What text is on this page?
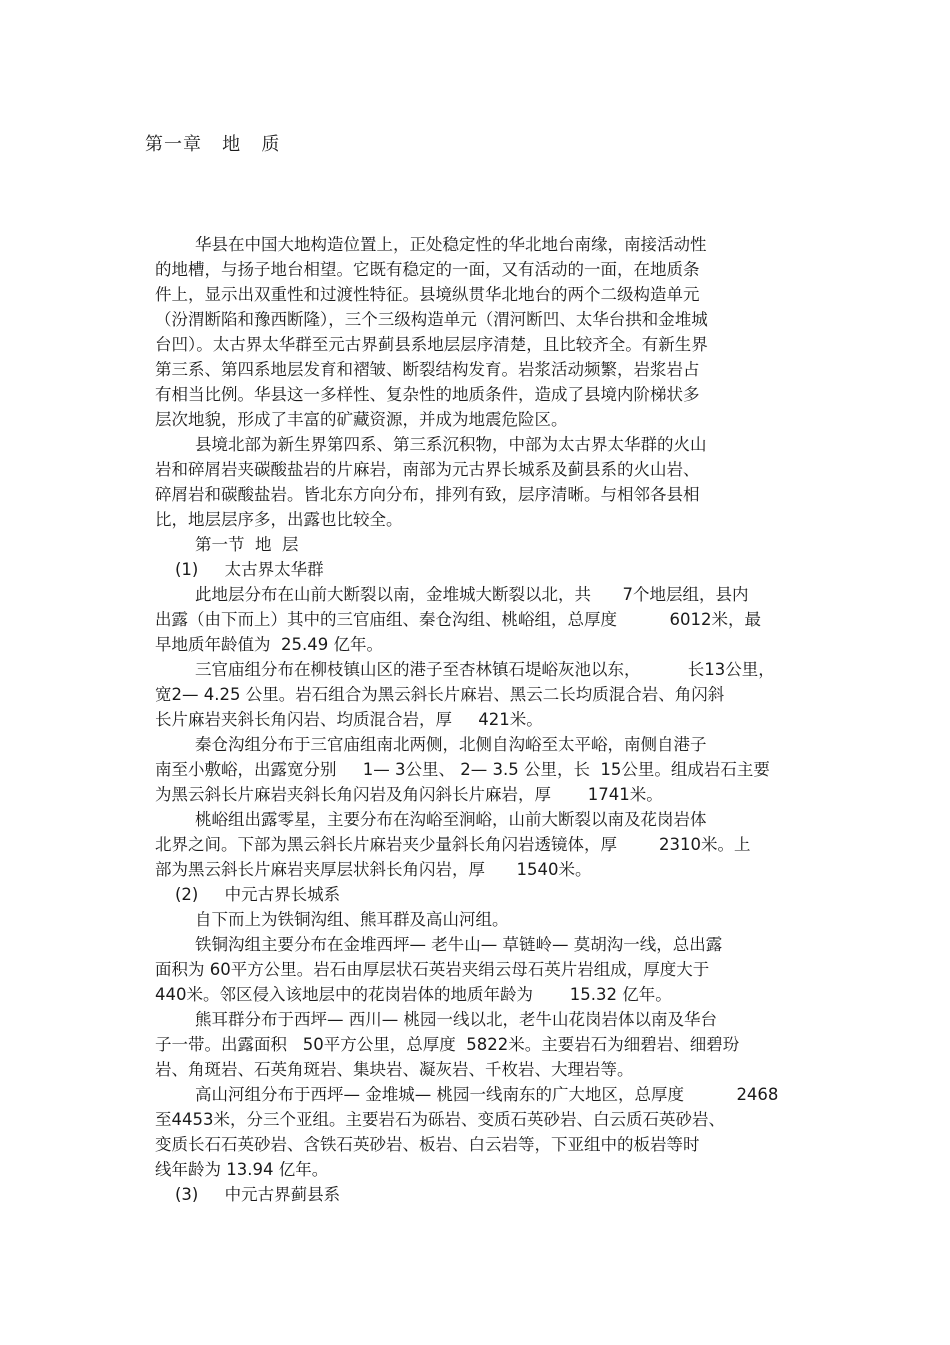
第一章   地   质
华县在中国大地构造位置上，正处稳定性的华北地台南缘，南接活动性
的地槽，与扬子地台相望。它既有稳定的一面，又有活动的一面，在地质条
件上，显示出双重性和过渡性特征。县境纵贯华北地台的两个二级构造单元
（汾渭断陷和豫西断隆），三个三级构造单元（渭河断凹、太华台拱和金堆城
台凹）。太古界太华群至元古界蓟县系地层层序清楚，且比较齐全。有新生界
第三系、第四系地层发育和褶皱、断裂结构发育。岩浆活动频繁，岩浆岩占
有相当比例。华县这一多样性、复杂性的地质条件，造成了县境内阶梯状多
层次地貌，形成了丰富的矿藏资源，并成为地震危险区。
县境北部为新生界第四系、第三系沉积物，中部为太古界太华群的火山
岩和碎屑岩夹碳酸盐岩的片麻岩，南部为元古界长城系及蓟县系的火山岩、
碎屑岩和碳酸盐岩。皆北东方向分布，排列有致，层序清晰。与相邻各县相
比，地层层序多，出露也比较全。
第一节  地  层
(1)     太古界太华群
此地层分布在山前大断裂以南，金堆城大断裂以北，共      7个地层组，县内
出露（由下而上）其中的三官庙组、秦仓沟组、桃峪组，总厚度          6012米，最
早地质年龄值为  25.49 亿年。
三官庙组分布在柳枝镇山区的港子至杏林镇石堤峪灰池以东，         长13公里，
宽2— 4.25 公里。岩石组合为黑云斜长片麻岩、黑云二长均质混合岩、角闪斜
长片麻岩夹斜长角闪岩、均质混合岩，厚     421米。
秦仓沟组分布于三官庙组南北两侧，北侧自沟峪至太平峪，南侧自港子
南至小敷峪，出露宽分别     1— 3公里、 2— 3.5 公里，长  15公里。组成岩石主要
为黑云斜长片麻岩夹斜长角闪岩及角闪斜长片麻岩，厚       1741米。
桃峪组出露零星，主要分布在沟峪至涧峪，山前大断裂以南及花岗岩体
北界之间。下部为黑云斜长片麻岩夹少量斜长角闪岩透镜体，厚        2310米。上
部为黑云斜长片麻岩夹厚层状斜长角闪岩，厚      1540米。
(2)     中元古界长城系
自下而上为铁铜沟组、熊耳群及高山河组。
铁铜沟组主要分布在金堆西坪— 老牛山— 草链岭— 莫胡沟一线，总出露
面积为 60平方公里。岩石由厚层状石英岩夹绢云母石英片岩组成，厚度大于
440米。邻区侵入该地层中的花岗岩体的地质年龄为       15.32 亿年。
熊耳群分布于西坪— 西川— 桃园一线以北，老牛山花岗岩体以南及华台
子一带。出露面积   50平方公里，总厚度  5822米。主要岩石为细碧岩、细碧玢
岩、角斑岩、石英角斑岩、集块岩、凝灰岩、千枚岩、大理岩等。
高山河组分布于西坪— 金堆城— 桃园一线南东的广大地区，总厚度          2468
至4453米，分三个亚组。主要岩石为砾岩、变质石英砂岩、白云质石英砂岩、
变质长石石英砂岩、含铁石英砂岩、板岩、白云岩等，下亚组中的板岩等时
线年龄为 13.94 亿年。
(3)     中元古界蓟县系
